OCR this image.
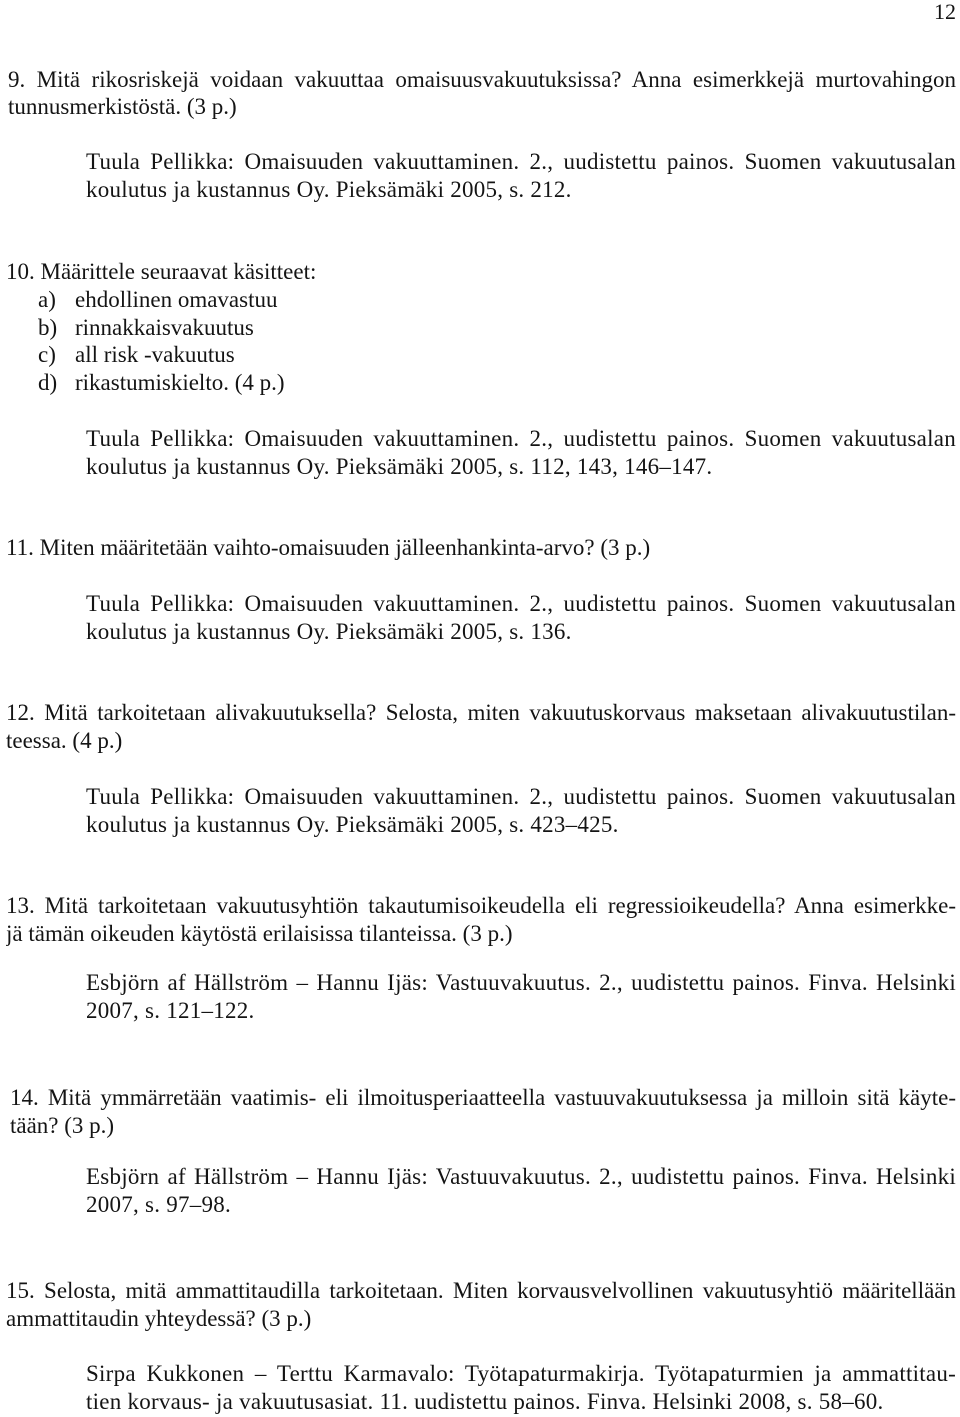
12
9. Mitä rikosriskejä voidaan vakuuttaa omaisuusvakuutuksissa? Anna esimerkkejä murtovahingon
tunnusmerkistöstä. (3 p.)
Tuula Pellikka: Omaisuuden vakuuttaminen. 2., uudistettu painos. Suomen vakuutusalan
koulutus ja kustannus Oy. Pieksämäki 2005, s. 212.
10. Määrittele seuraavat käsitteet:
a) ehdollinen omavastuu
b) rinnakkaisvakuutus
c) all risk -vakuutus
d) rikastumiskielto. (4 p.)
Tuula Pellikka: Omaisuuden vakuuttaminen. 2., uudistettu painos. Suomen vakuutusalan
koulutus ja kustannus Oy. Pieksämäki 2005, s. 112, 143, 146–147.
11. Miten määritetään vaihto-omaisuuden jälleenhankinta-arvo? (3 p.)
Tuula Pellikka: Omaisuuden vakuuttaminen. 2., uudistettu painos. Suomen vakuutusalan
koulutus ja kustannus Oy. Pieksämäki 2005, s. 136.
12. Mitä tarkoitetaan alivakuutuksella? Selosta, miten vakuutuskorvaus maksetaan alivakuutustilan-
teessa. (4 p.)
Tuula Pellikka: Omaisuuden vakuuttaminen. 2., uudistettu painos. Suomen vakuutusalan
koulutus ja kustannus Oy. Pieksämäki 2005, s. 423–425.
13. Mitä tarkoitetaan vakuutusyhtiön takautumisoikeudella eli regressioikeudella? Anna esimerkke-
jä tämän oikeuden käytöstä erilaisissa tilanteissa. (3 p.)
Esbjörn af Hällström – Hannu Ijäs: Vastuuvakuutus. 2., uudistettu painos. Finva. Helsinki
2007, s. 121–122.
14. Mitä ymmärretään vaatimis- eli ilmoitusperiaatteella vastuuvakuutuksessa ja milloin sitä käyte-
tään? (3 p.)
Esbjörn af Hällström – Hannu Ijäs: Vastuuvakuutus. 2., uudistettu painos. Finva. Helsinki
2007, s. 97–98.
15. Selosta, mitä ammattitaudilla tarkoitetaan. Miten korvausvelvollinen vakuutusyhtiö määritellään
ammattitaudin yhteydessä? (3 p.)
Sirpa Kukkonen – Terttu Karmavalo: Työtapaturmakirja. Työtapaturmien ja ammattitau-
tien korvaus- ja vakuutusasiat. 11. uudistettu painos. Finva. Helsinki 2008, s. 58–60.
